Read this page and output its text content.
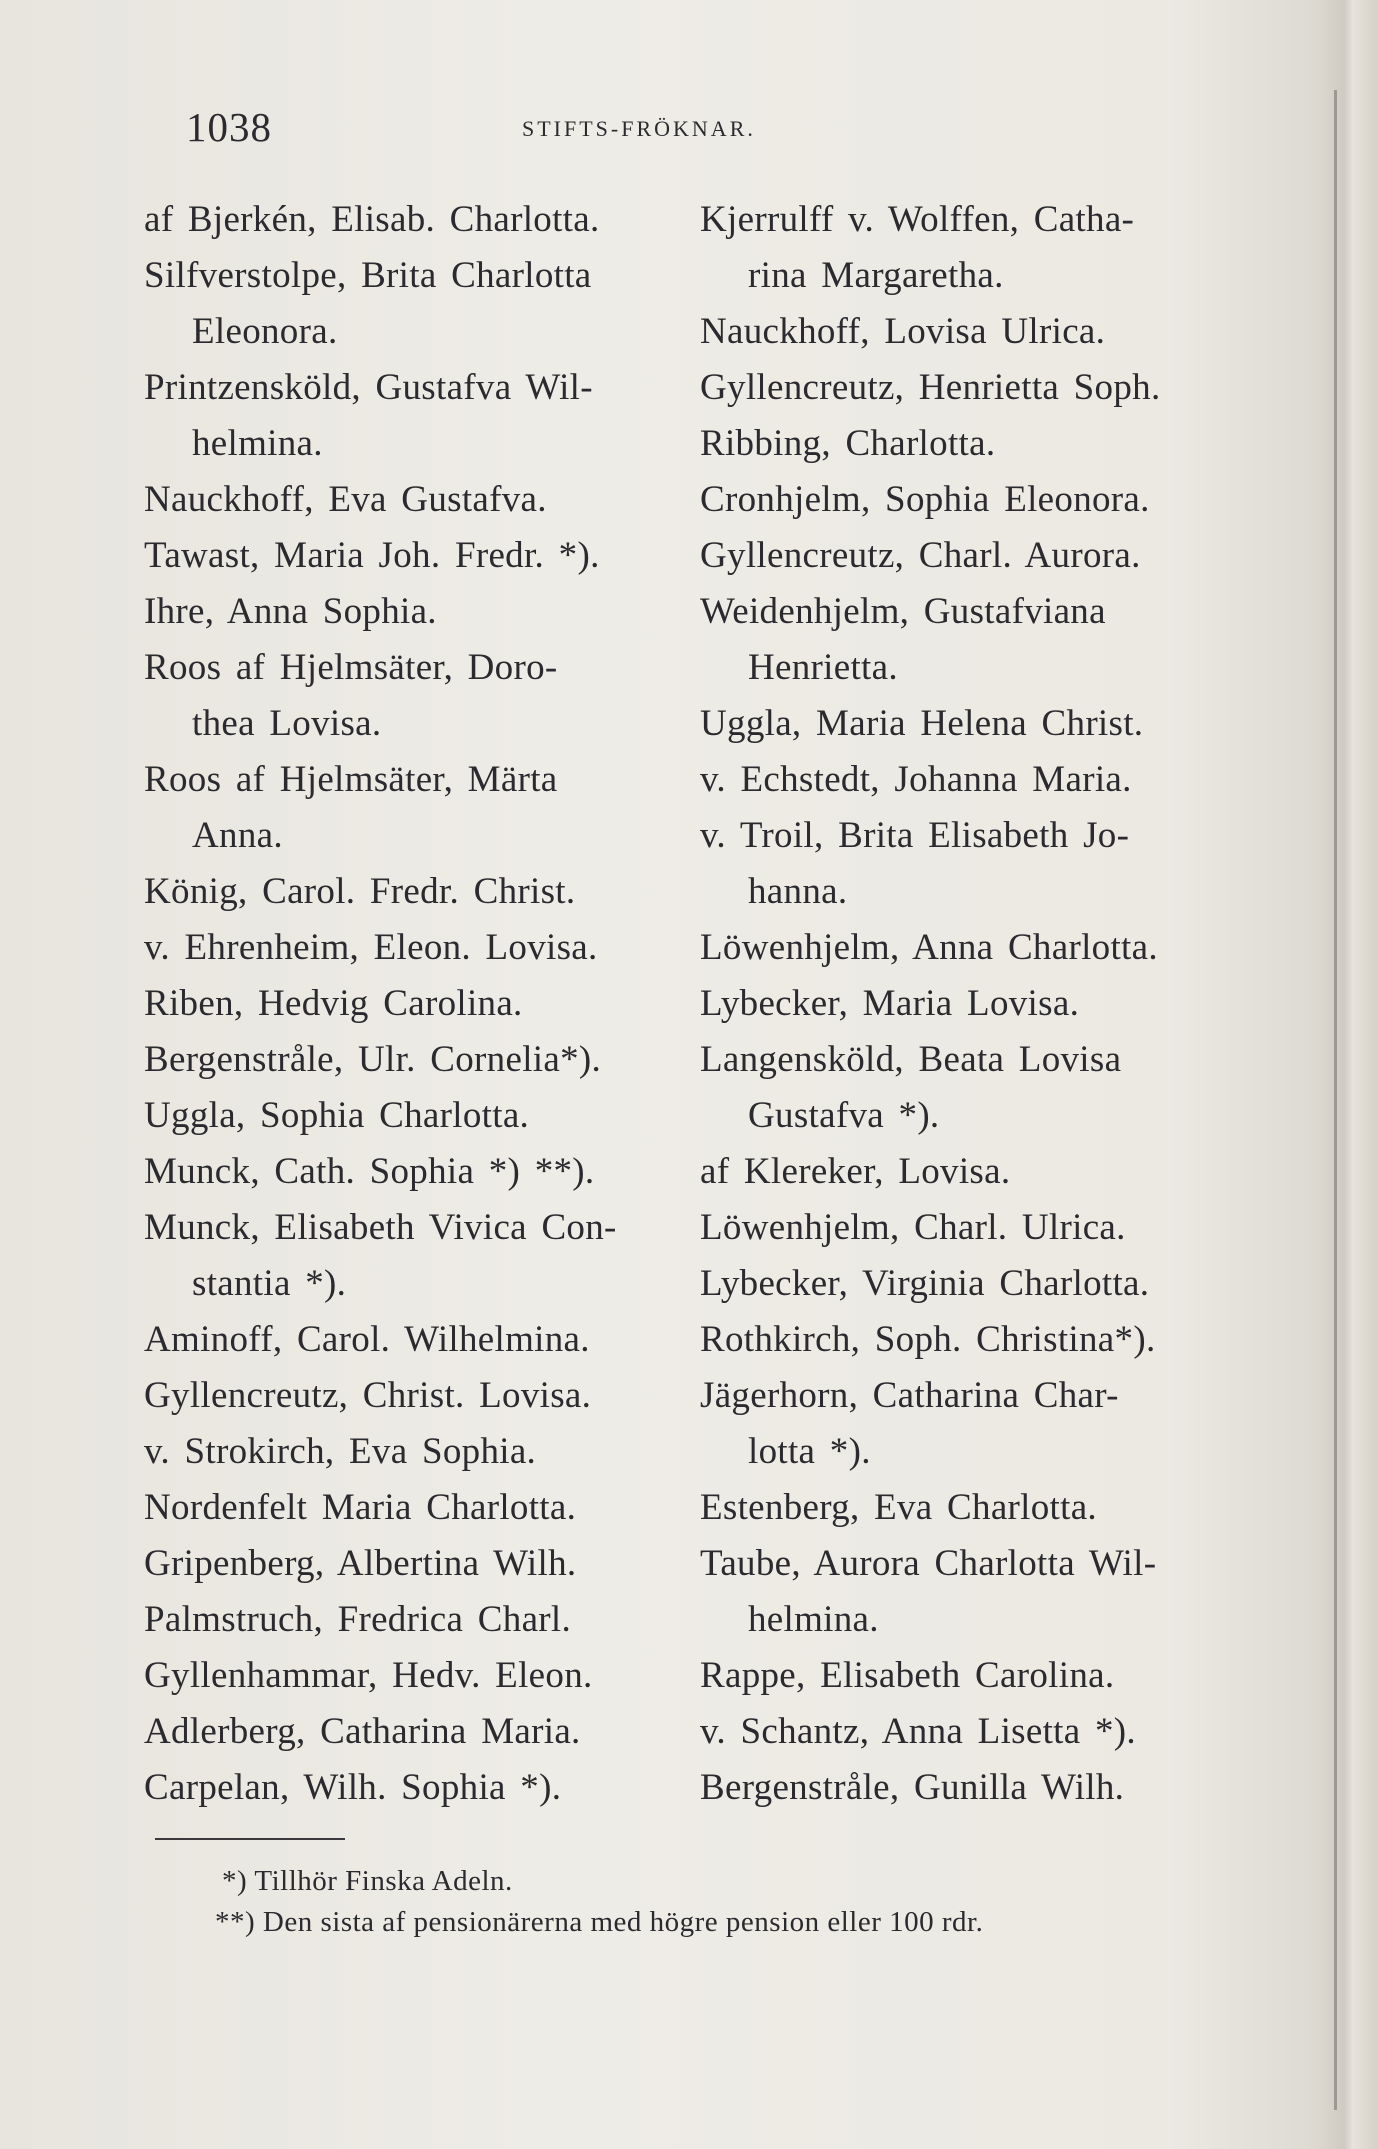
1038	STIFTS-FRÖKNAR.
af Bjerkén, Elisab. Charlotta.
Silfverstolpe, Brita Charlotta
Eleonora.
Printzensköld, Gustafva Wil-
helmina.
Nauckhoff, Eva Gustafva.
Tawast, Maria Joh. Fredr. *).
Ihre, Anna Sophia.
Roos af Hjelmsäter, Doro-
thea Lovisa.
Roos af Hjelmsäter, Märta
Anna.
König, Carol. Fredr. Christ.
v. Ehrenheim, Eleon. Lovisa.
Riben, Hedvig Carolina.
Bergenstråle, Ulr. Cornelia*).
Uggla, Sophia Charlotta.
Munck, Cath. Sophia *) **).
Munck, Elisabeth Vivica Con-
stantia *).
Aminoff, Carol. Wilhelmina.
Gyllencreutz, Christ. Lovisa.
v. Strokirch, Eva Sophia.
Nordenfelt Maria Charlotta.
Gripenberg, Albertina Wilh.
Palmstruch, Fredrica Charl.
Gyllenhammar, Hedv. Eleon.
Adlerberg, Catharina Maria.
Carpelan, Wilh. Sophia *).
Kjerrulff v. Wolffen, Catha-
rina Margaretha.
Nauckhoff, Lovisa Ulrica.
Gyllencreutz, Henrietta Soph.
Ribbing, Charlotta.
Cronhjelm, Sophia Eleonora.
Gyllencreutz, Charl. Aurora.
Weidenhjelm, Gustafviana
Henrietta.
Uggla, Maria Helena Christ.
v. Echstedt, Johanna Maria.
v. Troil, Brita Elisabeth Jo-
hanna.
Löwenhjelm, Anna Charlotta.
Lybecker, Maria Lovisa.
Langensköld, Beata Lovisa
Gustafva *).
af Klereker, Lovisa.
Löwenhjelm, Charl. Ulrica.
Lybecker, Virginia Charlotta.
Rothkirch, Soph. Christina*).
Jägerhorn, Catharina Char-
lotta *).
Estenberg, Eva Charlotta.
Taube, Aurora Charlotta Wil-
helmina.
Rappe, Elisabeth Carolina.
v. Schantz, Anna Lisetta *).
Bergenstråle, Gunilla Wilh.
*) Tillhör Finska Adeln.
**) Den sista af pensionärerna med högre pension eller 100 rdr.
